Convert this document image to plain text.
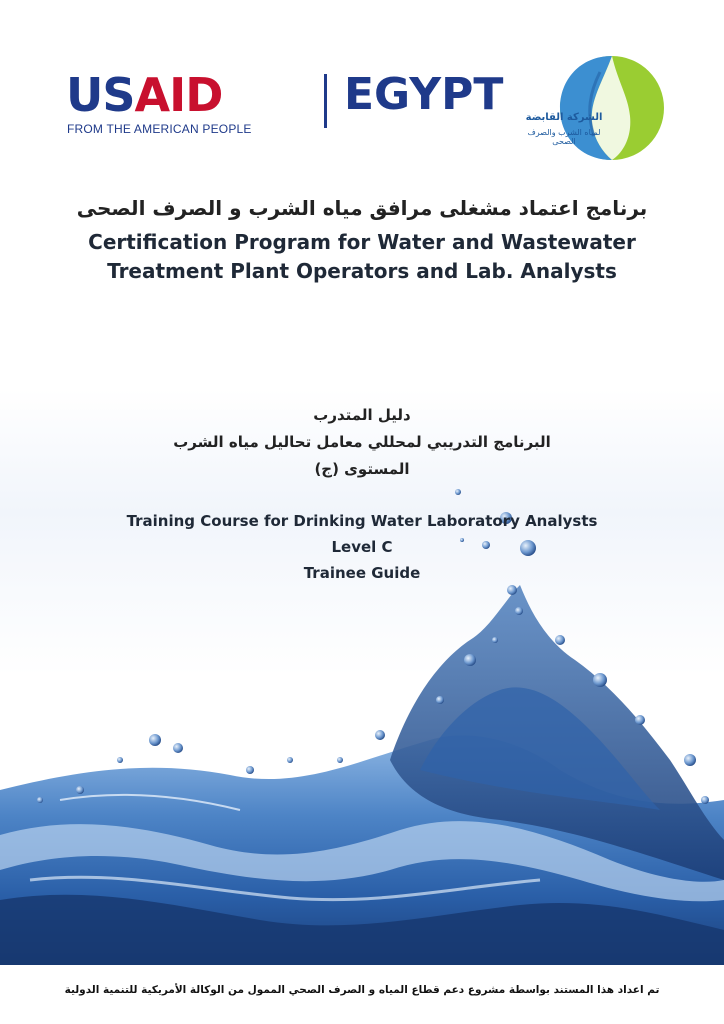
USAID	EGYPT
FROM THE AMERICAN PEOPLE
الشركة القابضة
لمياه الشرب والصرف الصحى
برنامج اعتماد مشغلى مرافق مياه الشرب و الصرف الصحى
Certification Program for Water and Wastewater
Treatment Plant Operators and Lab. Analysts
دليل المتدرب
البرنامج التدريبي لمحللي معامل تحاليل مياه الشرب
المستوى (ج)
Training Course for Drinking Water Laboratory Analysts
Level C
Trainee Guide
تم اعداد هذا المستند بواسطة مشروع دعم قطاع المياه و الصرف الصحي الممول من الوكالة الأمريكية للتنمية الدولية
